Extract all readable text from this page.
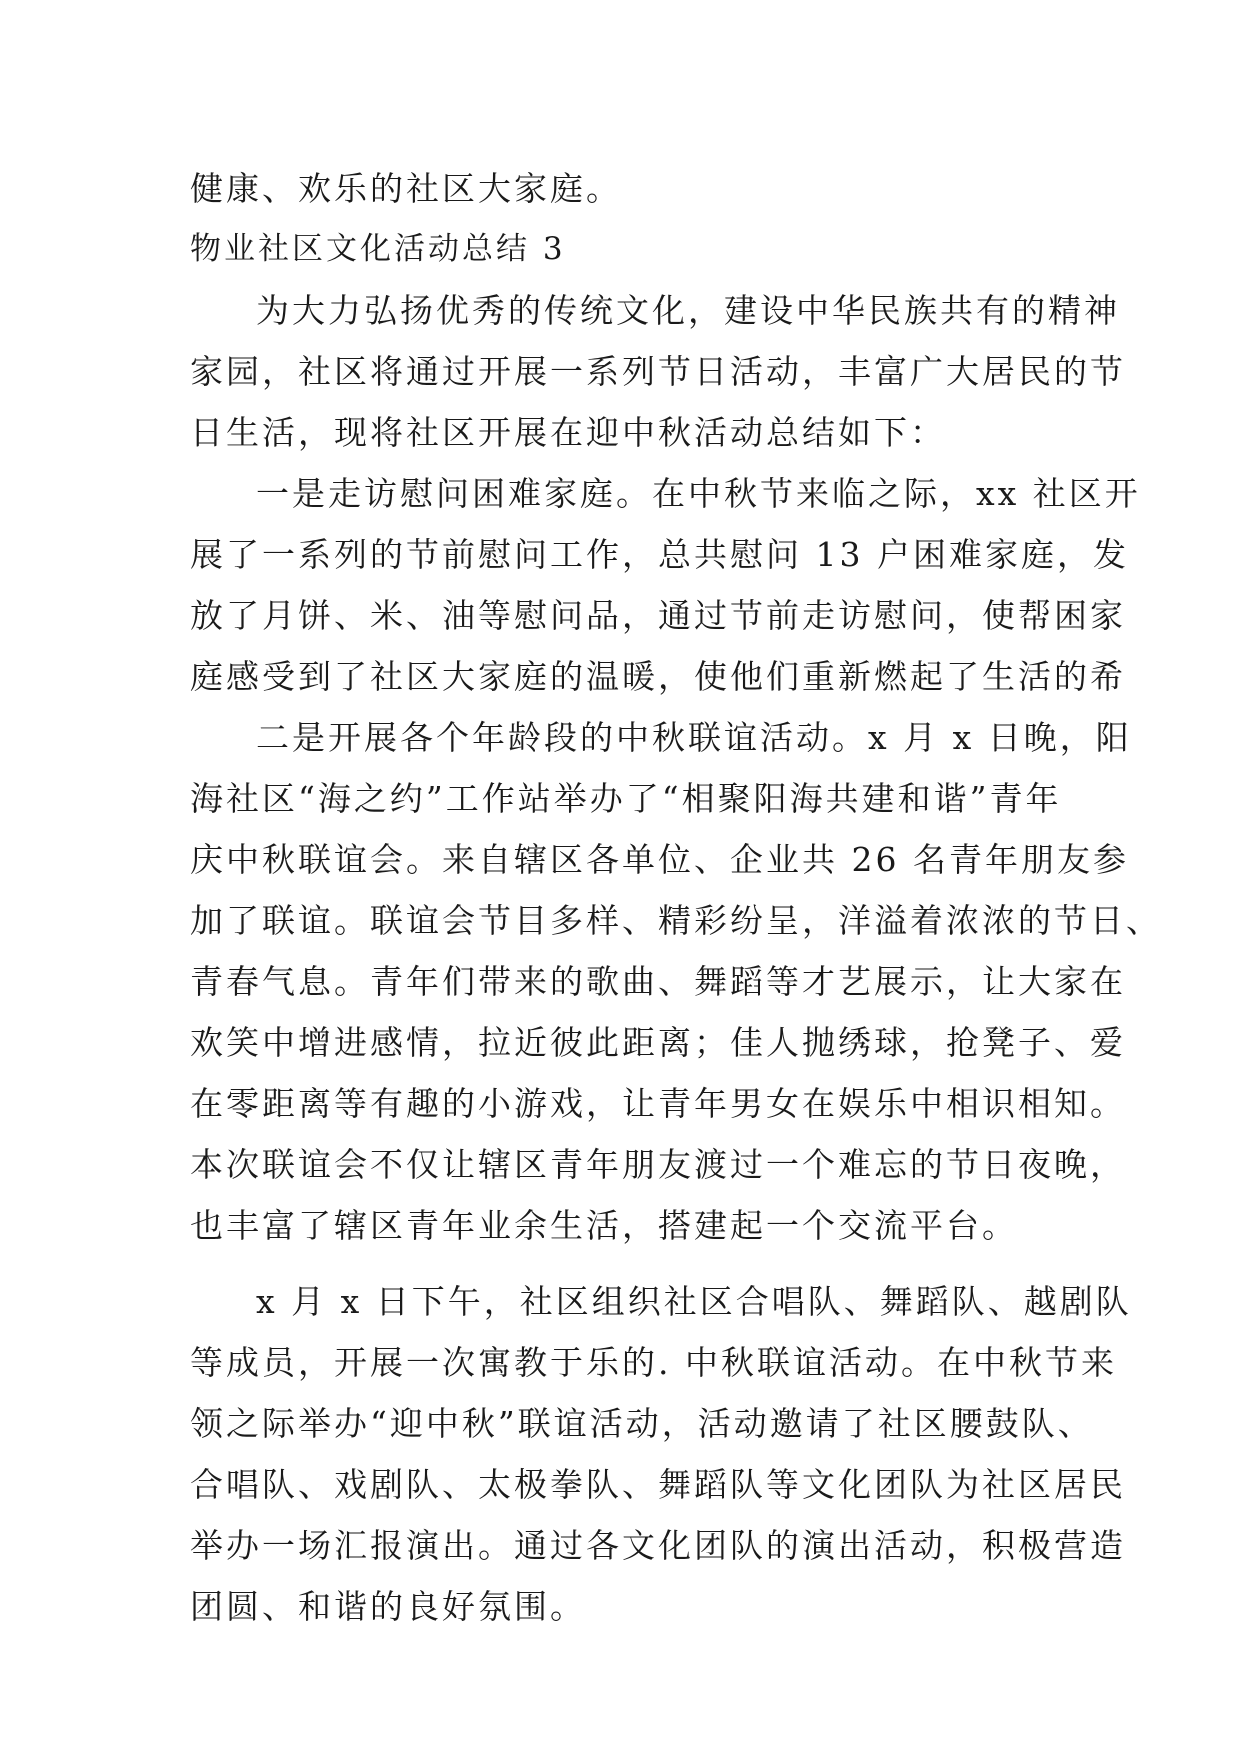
健康、欢乐的社区大家庭。
物业社区文化活动总结 3
为大力弘扬优秀的传统文化，建设中华民族共有的精神
家园，社区将通过开展一系列节日活动，丰富广大居民的节
日生活，现将社区开展在迎中秋活动总结如下：
一是走访慰问困难家庭。在中秋节来临之际，xx 社区开
展了一系列的节前慰问工作，总共慰问 13 户困难家庭，发
放了月饼、米、油等慰问品，通过节前走访慰问，使帮困家
庭感受到了社区大家庭的温暖，使他们重新燃起了生活的希
二是开展各个年龄段的中秋联谊活动。x 月 x 日晚，阳
海社区“海之约”工作站举办了“相聚阳海共建和谐”青年
庆中秋联谊会。来自辖区各单位、企业共 26 名青年朋友参
加了联谊。联谊会节目多样、精彩纷呈，洋溢着浓浓的节日、
青春气息。青年们带来的歌曲、舞蹈等才艺展示，让大家在
欢笑中增进感情，拉近彼此距离；佳人抛绣球，抢凳子、爱
在零距离等有趣的小游戏，让青年男女在娱乐中相识相知。
本次联谊会不仅让辖区青年朋友渡过一个难忘的节日夜晚，
也丰富了辖区青年业余生活，搭建起一个交流平台。
x 月 x 日下午，社区组织社区合唱队、舞蹈队、越剧队
等成员，开展一次寓教于乐的. 中秋联谊活动。在中秋节来
领之际举办“迎中秋”联谊活动，活动邀请了社区腰鼓队、
合唱队、戏剧队、太极拳队、舞蹈队等文化团队为社区居民
举办一场汇报演出。通过各文化团队的演出活动，积极营造
团圆、和谐的良好氛围。
